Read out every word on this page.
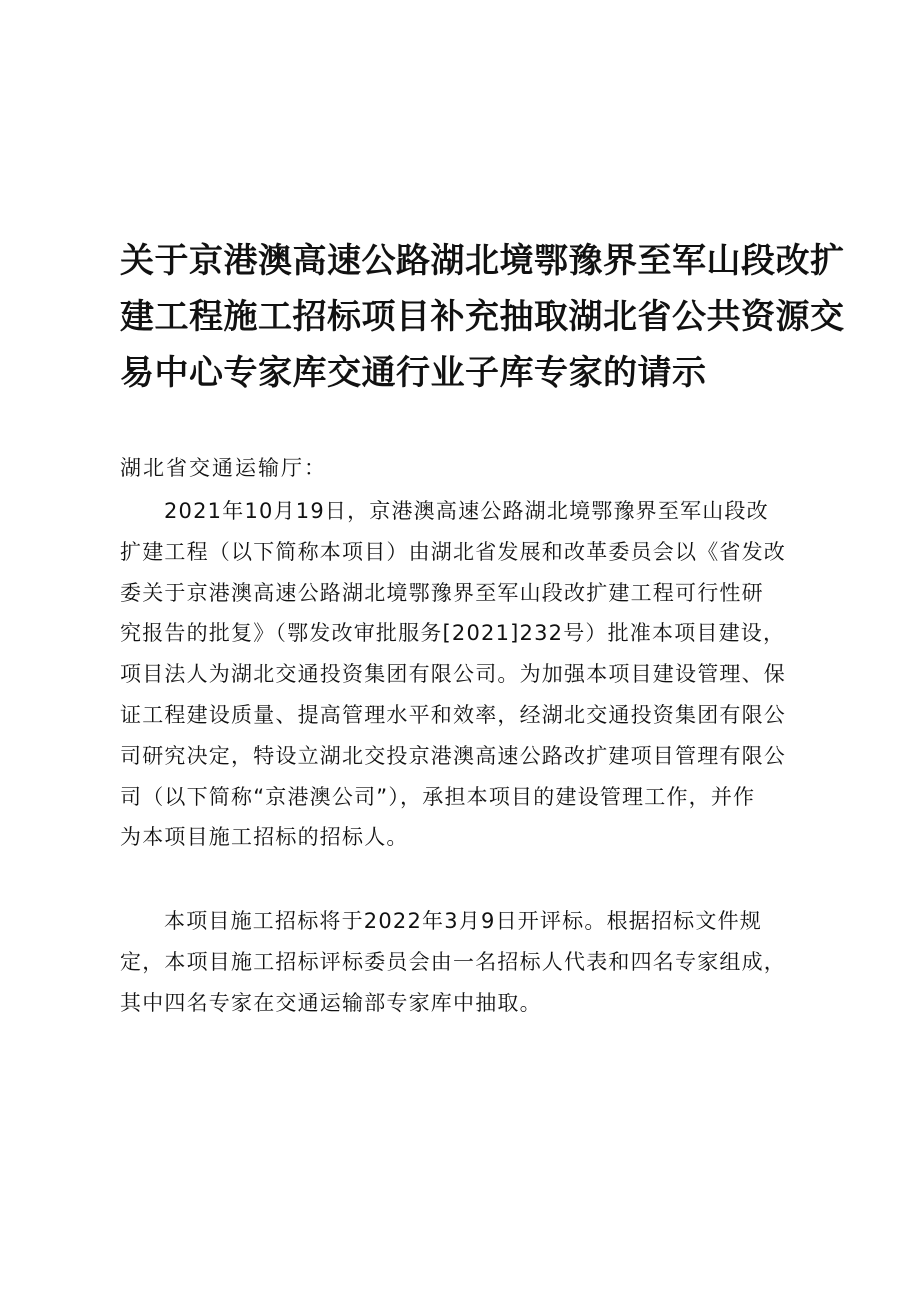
关于京港澳高速公路湖北境鄂豫界至军山段改扩
建工程施工招标项目补充抽取湖北省公共资源交
易中心专家库交通行业子库专家的请示

湖北省交通运输厅：

2021年10月19日，京港澳高速公路湖北境鄂豫界至军山段改
扩建工程（以下简称本项目）由湖北省发展和改革委员会以《省发改
委关于京港澳高速公路湖北境鄂豫界至军山段改扩建工程可行性研
究报告的批复》（鄂发改审批服务[2021]232号）批准本项目建设，
项目法人为湖北交通投资集团有限公司。为加强本项目建设管理、保
证工程建设质量、提高管理水平和效率，经湖北交通投资集团有限公
司研究决定，特设立湖北交投京港澳高速公路改扩建项目管理有限公
司（以下简称“京港澳公司”），承担本项目的建设管理工作，并作
为本项目施工招标的招标人。
本项目施工招标将于2022年3月9日开评标。根据招标文件规
定，本项目施工招标评标委员会由一名招标人代表和四名专家组成，
其中四名专家在交通运输部专家库中抽取。
